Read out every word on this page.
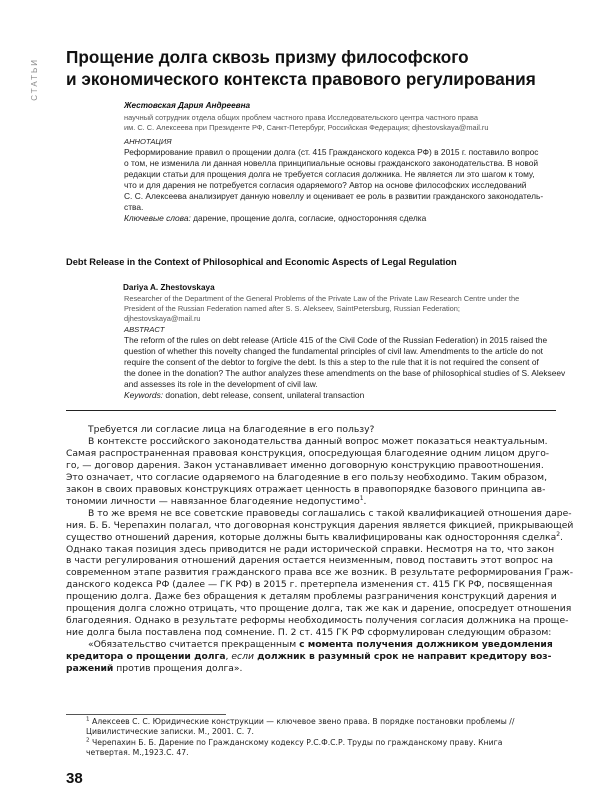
СТАТЬИ
Прощение долга сквозь призму философского
и экономического контекста правового регулирования
Жестовская Дария Андреевна
научный сотрудник отдела общих проблем частного права Исследовательского центра частного права
им. С. С. Алексеева при Президенте РФ, Санкт-Петербург, Российская Федерация; djhestovskaya@mail.ru
АННОТАЦИЯ
Реформирование правил о прощении долга (ст. 415 Гражданского кодекса РФ) в 2015 г. поставило вопрос
о том, не изменила ли данная новелла принципиальные основы гражданского законодательства. В новой
редакции статьи для прощения долга не требуется согласия должника. Не является ли это шагом к тому,
что и для дарения не потребуется согласия одаряемого? Автор на основе философских исследований
С. С. Алексеева анализирует данную новеллу и оценивает ее роль в развитии гражданского законодатель-
ства.
Ключевые слова: дарение, прощение долга, согласие, односторонняя сделка
Debt Release in the Context of Philosophical and Economic Aspects of Legal Regulation
Dariya A. Zhestovskaya
Researcher of the Department of the General Problems of the Private Law of the Private Law Research Centre under the
President of the Russian Federation named after S. S. Alekseev, SaintPetersburg, Russian Federation;
djhestovskaya@mail.ru
ABSTRACT
The reform of the rules on debt release (Article 415 of the Civil Code of the Russian Federation) in 2015 raised the
question of whether this novelty changed the fundamental principles of civil law. Amendments to the article do not
require the consent of the debtor to forgive the debt. Is this a step to the rule that it is not required the consent of
the donee in the donation? The author analyzes these amendments on the base of philosophical studies of S. Alekseev
and assesses its role in the development of civil law.
Keywords: donation, debt release, consent, unilateral transaction
Требуется ли согласие лица на благодеяние в его пользу?
В контексте российского законодательства данный вопрос может показаться неактуальным.
Самая распространенная правовая конструкция, опосредующая благодеяние одним лицом друго-
го, — договор дарения. Закон устанавливает именно договорную конструкцию правоотношения.
Это означает, что согласие одаряемого на благодеяние в его пользу необходимо. Таким образом,
закон в своих правовых конструкциях отражает ценность в правопорядке базового принципа ав-
тономии личности — навязанное благодеяние недопустимо$^1$.
В то же время не все советские правоведы соглашались с такой квалификацией отношения даре-
ния. Б. Б. Черепахин полагал, что договорная конструкция дарения является фикцией, прикрывающей
существо отношений дарения, которые должны быть квалифицированы как односторонняя сделка$^2$.
Однако такая позиция здесь приводится не ради исторической справки. Несмотря на то, что закон
в части регулирования отношений дарения остается неизменным, повод поставить этот вопрос на
современном этапе развития гражданского права все же возник. В результате реформирования Граж-
данского кодекса РФ (далее — ГК РФ) в 2015 г. претерпела изменения ст. 415 ГК РФ, посвященная
прощению долга. Даже без обращения к деталям проблемы разграничения конструкций дарения и
прощения долга сложно отрицать, что прощение долга, так же как и дарение, опосредует отношения
благодеяния. Однако в результате реформы необходимость получения согласия должника на проще-
ние долга была поставлена под сомнение. П. 2 ст. 415 ГК РФ сформулирован следующим образом:
«Обязательство считается прекращенным с момента получения должником уведомления
кредитора о прощении долга, если должник в разумный срок не направит кредитору воз-
ражений против прощения долга».
$^1$ Алексеев С. С. Юридические конструкции — ключевое звено права. В порядке постановки проблемы //
Цивилистические записки. М., 2001. С. 7.
$^2$ Черепахин Б. Б. Дарение по Гражданскому кодексу Р.С.Ф.С.Р. Труды по гражданскому праву. Книга
четвертая. М.,1923.С. 47.
38
